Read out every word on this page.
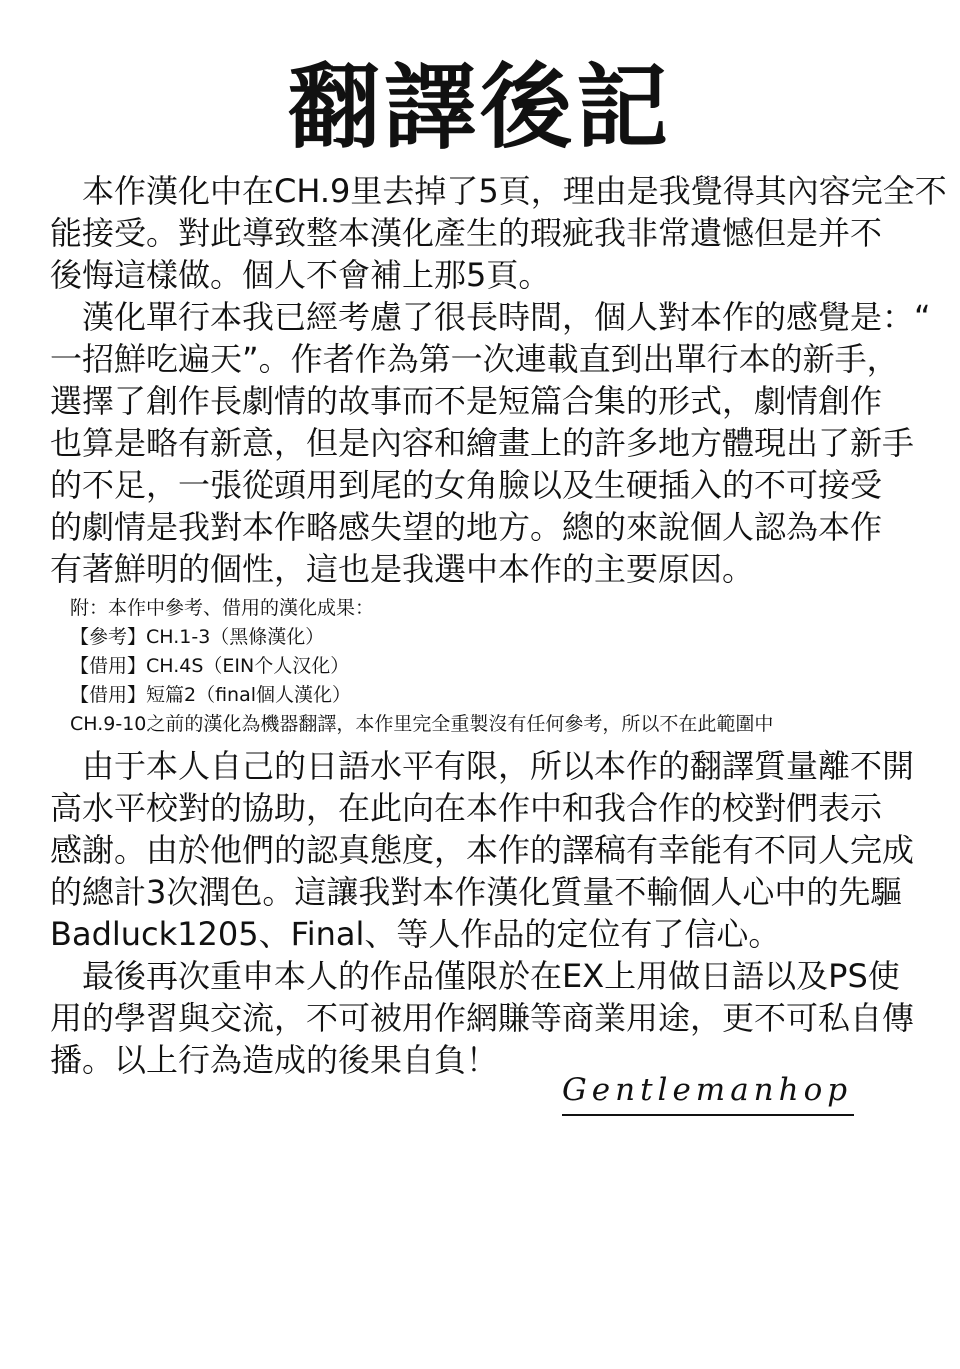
翻譯後記

　本作漢化中在CH.9里去掉了5頁，理由是我覺得其內容完全不

能接受。對此導致整本漢化產生的瑕疵我非常遺憾但是并不

後悔這樣做。個人不會補上那5頁。

　漢化單行本我已經考慮了很長時間，個人對本作的感覺是：“

一招鮮吃遍天”。作者作為第一次連載直到出單行本的新手，

選擇了創作長劇情的故事而不是短篇合集的形式，劇情創作

也算是略有新意，但是內容和繪畫上的許多地方體現出了新手

的不足，一張從頭用到尾的女角臉以及生硬插入的不可接受

的劇情是我對本作略感失望的地方。總的來說個人認為本作

有著鮮明的個性，這也是我選中本作的主要原因。

附：本作中參考、借用的漢化成果：

【參考】CH.1-3（黑條漢化）

【借用】CH.4S（EIN个人汉化）

【借用】短篇2（final個人漢化）

CH.9-10之前的漢化為機器翻譯，本作里完全重製沒有任何參考，所以不在此範圍中

　由于本人自己的日語水平有限，所以本作的翻譯質量離不開

高水平校對的協助，在此向在本作中和我合作的校對們表示

感謝。由於他們的認真態度，本作的譯稿有幸能有不同人完成

的總計3次潤色。這讓我對本作漢化質量不輸個人心中的先驅

Badluck1205、Final、等人作品的定位有了信心。

　最後再次重申本人的作品僅限於在EX上用做日語以及PS使

用的學習與交流，不可被用作網賺等商業用途，更不可私自傳

播。以上行為造成的後果自負！

Gentlemanhop
